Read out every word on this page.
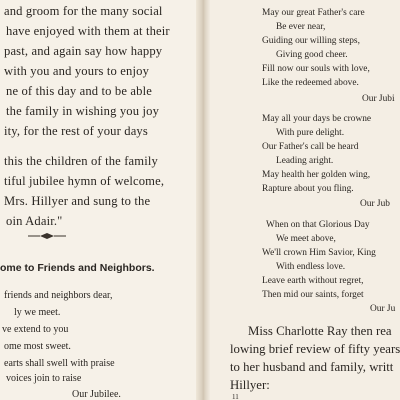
and groom for the many social
have enjoyed with them at their
past, and again say how happy
with you and yours to enjoy
ne of this day and to be able
the family in wishing you joy
ity, for the rest of your days
this the children of the family
tiful jubilee hymn of welcome,
Mrs. Hillyer and sung to the
oin Adair."
ome to Friends and Neighbors.
friends and neighbors dear,
ly we meet.
ve extend to you
ome most sweet.
earts shall swell with praise
voices join to raise
Our Jubilee.
May our great Father's care
Be ever near,
Guiding our willing steps,
Giving good cheer.
Fill now our souls with love,
Like the redeemed above.
Our Jubi
May all your days be crowne
With pure delight.
Our Father's call be heard
Leading aright.
May health her golden wing,
Rapture about you fling.
Our Jub
When on that Glorious Day
We meet above,
We'll crown Him Savior, King
With endless love.
Leave earth without regret,
Then mid our saints, forget
Our Ju
Miss Charlotte Ray then rea
lowing brief review of fifty years
to her husband and family, writt
Hillyer:
11
